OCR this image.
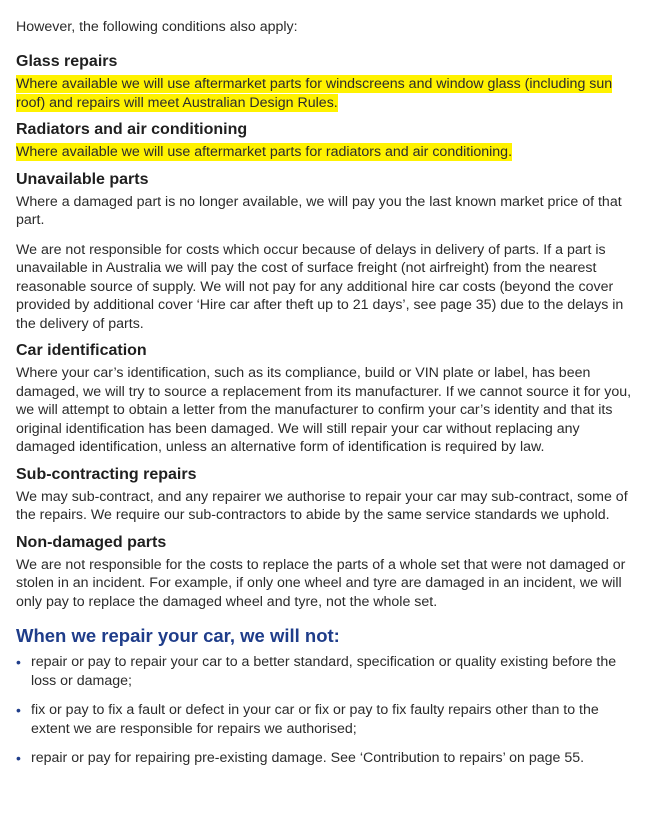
However, the following conditions also apply:

Glass repairs

Where available we will use aftermarket parts for windscreens and window glass (including sun roof) and repairs will meet Australian Design Rules.

Radiators and air conditioning

Where available we will use aftermarket parts for radiators and air conditioning.

Unavailable parts

Where a damaged part is no longer available, we will pay you the last known market price of that part.

We are not responsible for costs which occur because of delays in delivery of parts. If a part is unavailable in Australia we will pay the cost of surface freight (not airfreight) from the nearest reasonable source of supply. We will not pay for any additional hire car costs (beyond the cover provided by additional cover ‘Hire car after theft up to 21 days’, see page 35) due to the delays in the delivery of parts.

Car identification

Where your car’s identification, such as its compliance, build or VIN plate or label, has been damaged, we will try to source a replacement from its manufacturer. If we cannot source it for you, we will attempt to obtain a letter from the manufacturer to confirm your car’s identity and that its original identification has been damaged. We will still repair your car without replacing any damaged identification, unless an alternative form of identification is required by law.

Sub-contracting repairs

We may sub-contract, and any repairer we authorise to repair your car may sub-contract, some of the repairs. We require our sub-contractors to abide by the same service standards we uphold.

Non-damaged parts

We are not responsible for the costs to replace the parts of a whole set that were not damaged or stolen in an incident. For example, if only one wheel and tyre are damaged in an incident, we will only pay to replace the damaged wheel and tyre, not the whole set.

When we repair your car, we will not:
• repair or pay to repair your car to a better standard, specification or quality existing before the loss or damage;
• fix or pay to fix a fault or defect in your car or fix or pay to fix faulty repairs other than to the extent we are responsible for repairs we authorised;
• repair or pay for repairing pre-existing damage. See ‘Contribution to repairs’ on page 55.
